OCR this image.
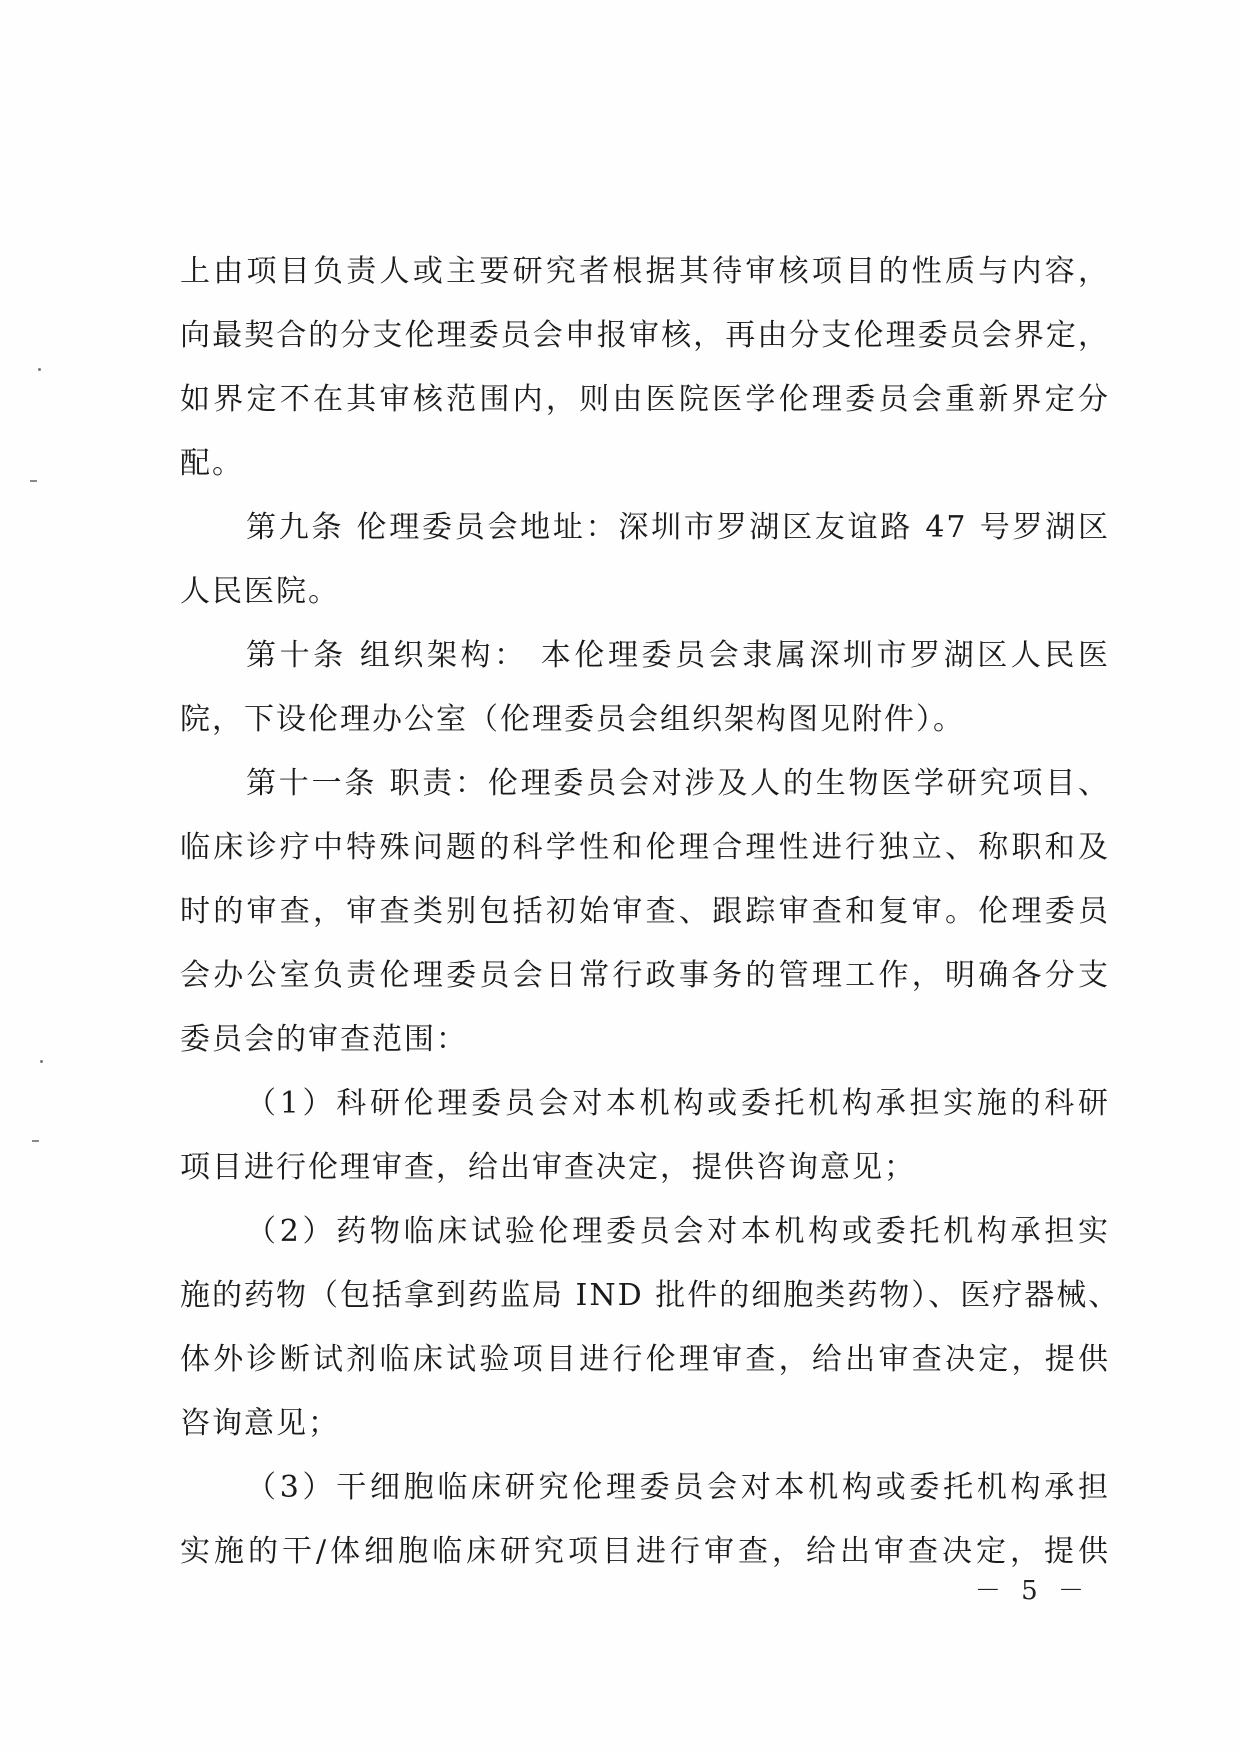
上由项目负责人或主要研究者根据其待审核项目的性质与内容，
向最契合的分支伦理委员会申报审核，再由分支伦理委员会界定，
如界定不在其审核范围内，则由医院医学伦理委员会重新界定分
配。
第九条 伦理委员会地址：深圳市罗湖区友谊路 47 号罗湖区
人民医院。
第十条 组织架构： 本伦理委员会隶属深圳市罗湖区人民医
院，下设伦理办公室（伦理委员会组织架构图见附件）。
第十一条 职责：伦理委员会对涉及人的生物医学研究项目、
临床诊疗中特殊问题的科学性和伦理合理性进行独立、称职和及
时的审查，审查类别包括初始审查、跟踪审查和复审。伦理委员
会办公室负责伦理委员会日常行政事务的管理工作，明确各分支
委员会的审查范围：
（1）科研伦理委员会对本机构或委托机构承担实施的科研
项目进行伦理审查，给出审查决定，提供咨询意见；
（2）药物临床试验伦理委员会对本机构或委托机构承担实
施的药物（包括拿到药监局 IND 批件的细胞类药物）、医疗器械、
体外诊断试剂临床试验项目进行伦理审查，给出审查决定，提供
咨询意见；
（3）干细胞临床研究伦理委员会对本机构或委托机构承担
实施的干/体细胞临床研究项目进行审查，给出审查决定，提供
－ 5 －
